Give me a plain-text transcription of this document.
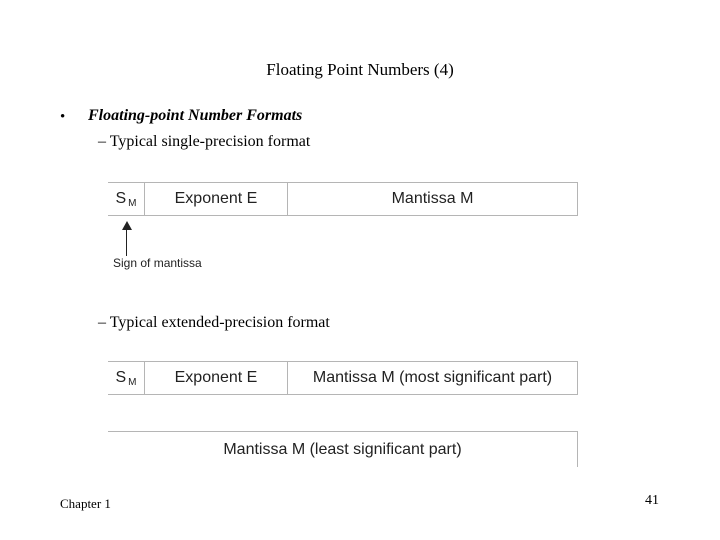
Floating Point Numbers (4)
• Floating-point Number Formats
– Typical single-precision format
S M	Exponent E	Mantissa M
Sign of mantissa
– Typical extended-precision format
S M	Exponent E	Mantissa M (most significant part)
Mantissa M (least significant part)
Chapter 1	41
